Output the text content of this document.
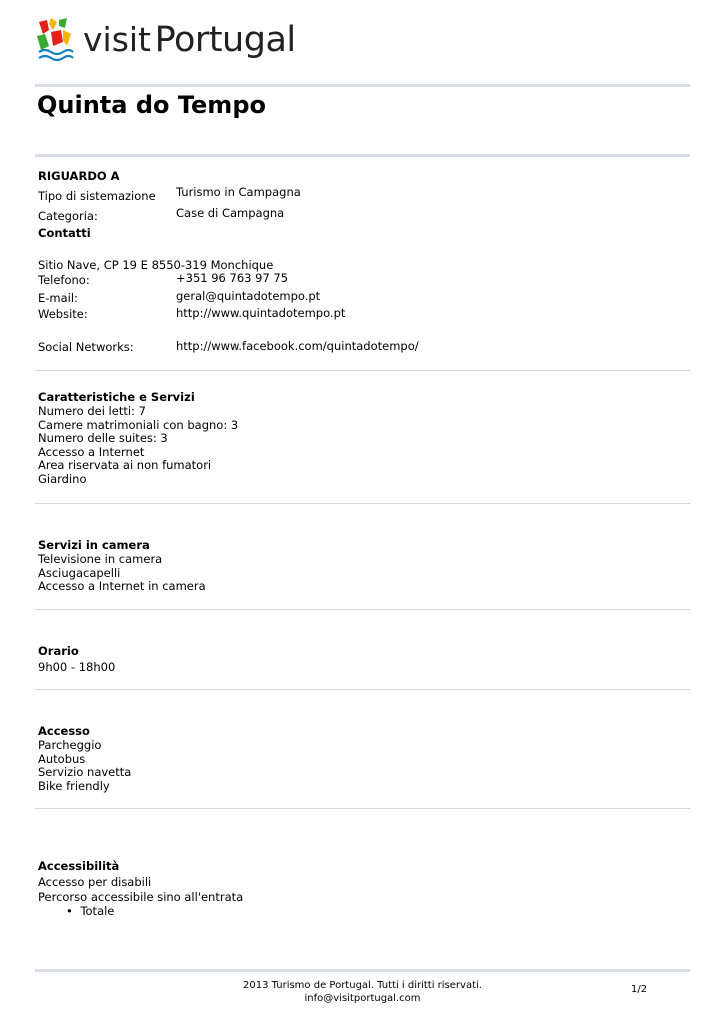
visit Portugal
Quinta do Tempo
RIGUARDO A
Tipo di sistemazione Turismo in Campagna
Categoria:	Case di Campagna
Contatti
Sitio Nave, CP 19 E 8550-319 Monchique
Telefono:	+351 96 763 97 75
E-mail:	geral@quintadotempo.pt
Website:	http://www.quintadotempo.pt
Social Networks:	http://www.facebook.com/quintadotempo/
Caratteristiche e Servizi
Numero dei letti: 7
Camere matrimoniali con bagno: 3
Numero delle suites: 3
Accesso a Internet
Area riservata ai non fumatori
Giardino
Servizi in camera
Televisione in camera
Asciugacapelli
Accesso a Internet in camera
Orario
9h00 - 18h00
Accesso
Parcheggio
Autobus
Servizio navetta
Bike friendly
Accessibilità
Accesso per disabili
Percorso accessibile sino all'entrata
• Totale
2013 Turismo de Portugal. Tutti i diritti riservati.
info@visitportugal.com
1/2
